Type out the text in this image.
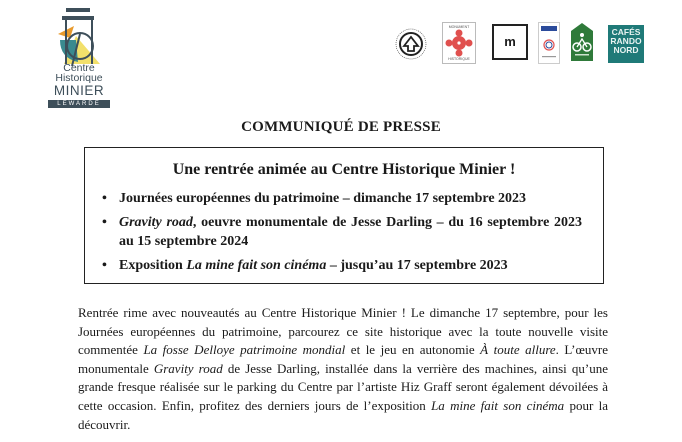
Centre
Historique
MINIER
LEWARDE
MONUMENT
HISTORIQUE
m
CAFÉS
RANDO
NORD
COMMUNIQUÉ DE PRESSE
Une rentrée animée au Centre Historique Minier !
• Journées européennes du patrimoine – dimanche 17 septembre 2023
• Gravity road, oeuvre monumentale de Jesse Darling – du 16 septembre 2023 au 15 septembre 2024
• Exposition La mine fait son cinéma – jusqu’au 17 septembre 2023
Rentrée rime avec nouveautés au Centre Historique Minier ! Le dimanche 17 septembre, pour les Journées européennes du patrimoine, parcourez ce site historique avec la toute nouvelle visite commentée La fosse Delloye patrimoine mondial et le jeu en autonomie À toute allure. L’œuvre monumentale Gravity road de Jesse Darling, installée dans la verrière des machines, ainsi qu’une grande fresque réalisée sur le parking du Centre par l’artiste Hiz Graff seront également dévoilées à cette occasion. Enfin, profitez des derniers jours de l’exposition La mine fait son cinéma pour la découvrir.
